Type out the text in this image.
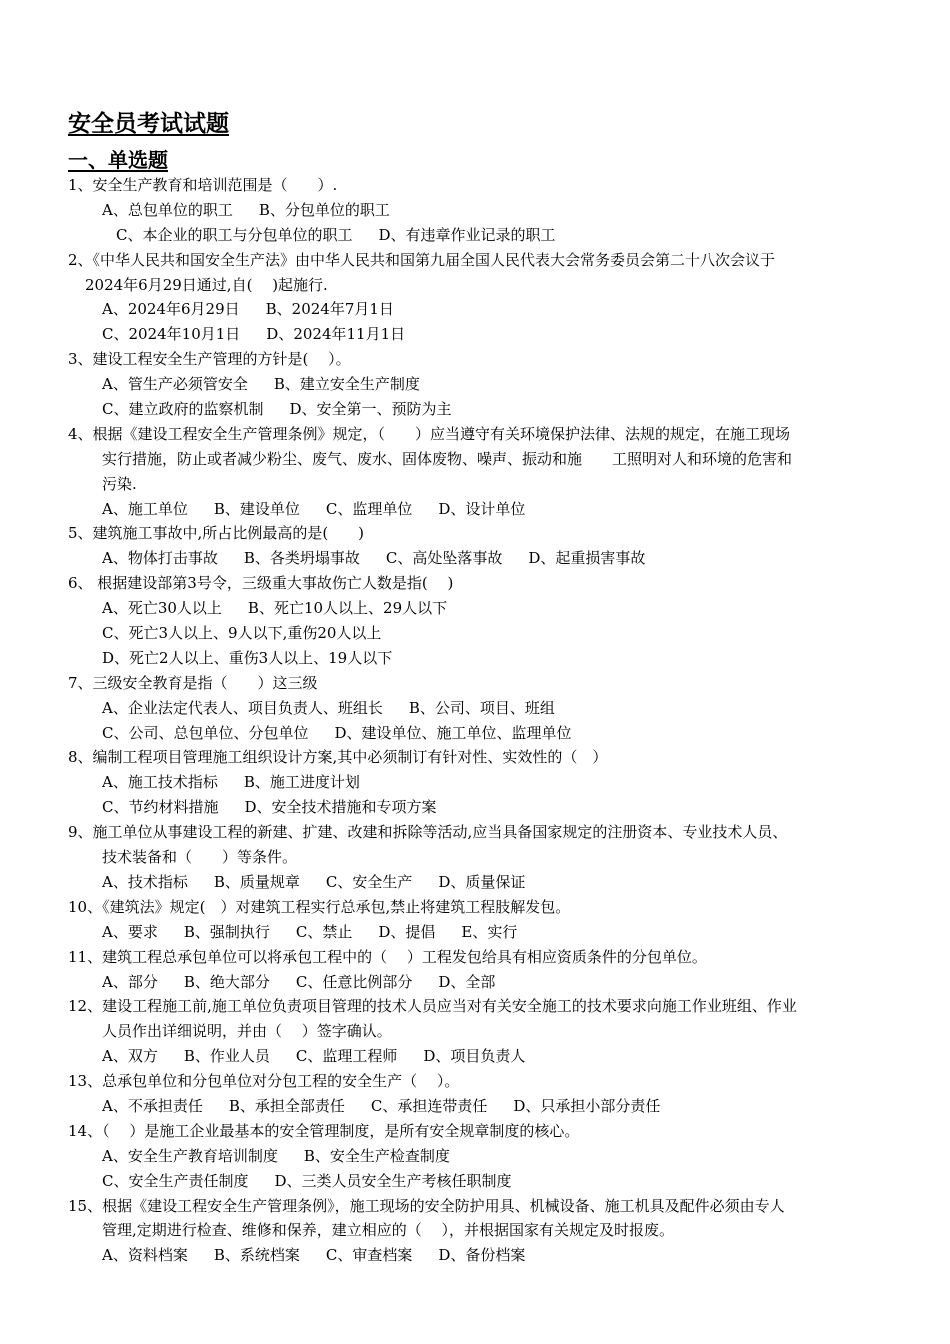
安全员考试试题
一、单选题
1、安全生产教育和培训范围是（　　）.
A、总包单位的职工 B、分包单位的职工
C、本企业的职工与分包单位的职工 D、有违章作业记录的职工
2、《中华人民共和国安全生产法》由中华人民共和国第九届全国人民代表大会常务委员会第二十八次会议于
2024年6月29日通过,自(　 )起施行.
A、2024年6月29日 B、2024年7月1日
C、2024年10月1日 D、2024年11月1日
3、建设工程安全生产管理的方针是(　 ）。
A、管生产必须管安全 B、建立安全生产制度
C、建立政府的监察机制 D、安全第一、预防为主
4、根据《建设工程安全生产管理条例》规定，（　　）应当遵守有关环境保护法律、法规的规定，在施工现场
实行措施，防止或者减少粉尘、废气、废水、固体废物、噪声、振动和施　　工照明对人和环境的危害和
污染.
A、施工单位 B、建设单位 C、监理单位 D、设计单位
5、建筑施工事故中,所占比例最高的是(　　)
A、物体打击事故 B、各类坍塌事故 C、高处坠落事故 D、起重损害事故
6、 根据建设部第3号令，三级重大事故伤亡人数是指(　 )
A、死亡30人以上 B、死亡10人以上、29人以下
C、死亡3人以上、9人以下,重伤20人以上
D、死亡2人以上、重伤3人以上、19人以下
7、三级安全教育是指（　　）这三级
A、企业法定代表人、项目负责人、班组长 B、公司、项目、班组
C、公司、总包单位、分包单位 D、建设单位、施工单位、监理单位
8、编制工程项目管理施工组织设计方案,其中必须制订有针对性、实效性的（　）
A、施工技术指标 B、施工进度计划
C、节约材料措施 D、安全技术措施和专项方案
9、施工单位从事建设工程的新建、扩建、改建和拆除等活动,应当具备国家规定的注册资本、专业技术人员、
技术装备和（　　）等条件。
A、技术指标 B、质量规章 C、安全生产 D、质量保证
10、《建筑法》规定(　）对建筑工程实行总承包,禁止将建筑工程肢解发包。
A、要求 B、强制执行 C、禁止 D、提倡 E、实行
11、建筑工程总承包单位可以将承包工程中的（　 ）工程发包给具有相应资质条件的分包单位。
A、部分 B、绝大部分 C、任意比例部分 D、全部
12、建设工程施工前,施工单位负责项目管理的技术人员应当对有关安全施工的技术要求向施工作业班组、作业
人员作出详细说明，并由（　 ）签字确认。
A、双方 B、作业人员 C、监理工程师 D、项目负责人
13、总承包单位和分包单位对分包工程的安全生产（　 ）。
A、不承担责任 B、承担全部责任 C、承担连带责任 D、只承担小部分责任
14、（　 ）是施工企业最基本的安全管理制度，是所有安全规章制度的核心。
A、安全生产教育培训制度 B、安全生产检查制度
C、安全生产责任制度 D、三类人员安全生产考核任职制度
15、根据《建设工程安全生产管理条例》，施工现场的安全防护用具、机械设备、施工机具及配件必须由专人
管理,定期进行检查、维修和保养，建立相应的（　 ），并根据国家有关规定及时报废。
A、资料档案 B、系统档案 C、审查档案 D、备份档案
